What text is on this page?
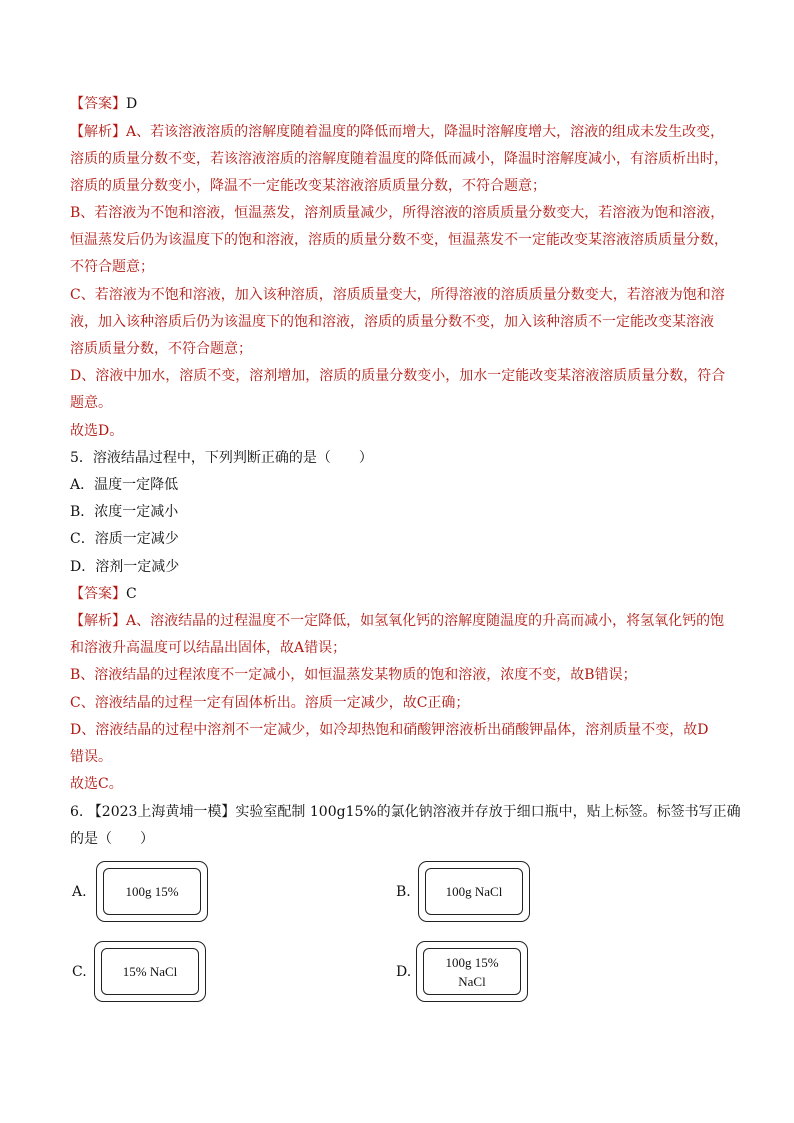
【答案】D
【解析】A、若该溶液溶质的溶解度随着温度的降低而增大，降温时溶解度增大，溶液的组成未发生改变，
溶质的质量分数不变，若该溶液溶质的溶解度随着温度的降低而减小，降温时溶解度减小，有溶质析出时，
溶质的质量分数变小，降温不一定能改变某溶液溶质质量分数，不符合题意；
B、若溶液为不饱和溶液，恒温蒸发，溶剂质量减少，所得溶液的溶质质量分数变大，若溶液为饱和溶液，
恒温蒸发后仍为该温度下的饱和溶液，溶质的质量分数不变，恒温蒸发不一定能改变某溶液溶质质量分数，
不符合题意；
C、若溶液为不饱和溶液，加入该种溶质，溶质质量变大，所得溶液的溶质质量分数变大，若溶液为饱和溶
液，加入该种溶质后仍为该温度下的饱和溶液，溶质的质量分数不变，加入该种溶质不一定能改变某溶液
溶质质量分数，不符合题意；
D、溶液中加水，溶质不变，溶剂增加，溶质的质量分数变小，加水一定能改变某溶液溶质质量分数，符合
题意。
故选D。
5．溶液结晶过程中，下列判断正确的是（　　）
A．温度一定降低
B．浓度一定减小
C．溶质一定减少
D．溶剂一定减少
【答案】C
【解析】A、溶液结晶的过程温度不一定降低，如氢氧化钙的溶解度随温度的升高而减小，将氢氧化钙的饱
和溶液升高温度可以结晶出固体，故A错误；
B、溶液结晶的过程浓度不一定减小，如恒温蒸发某物质的饱和溶液，浓度不变，故B错误；
C、溶液结晶的过程一定有固体析出。溶质一定减少，故C正确；
D、溶液结晶的过程中溶剂不一定减少，如冷却热饱和硝酸钾溶液析出硝酸钾晶体，溶剂质量不变，故D
错误。
故选C。
6. 【2023上海黄埔一模】实验室配制 100g15%的氯化钠溶液并存放于细口瓶中，贴上标签。标签书写正确
的是（　　）
A.	100g 15%	B.	100g NaCl
C.	15% NaCl	D.
100g 15%
NaCl
